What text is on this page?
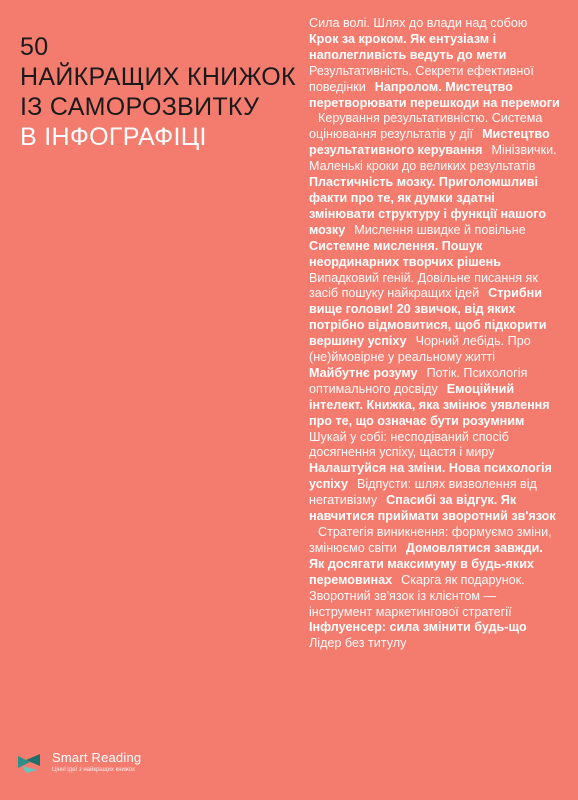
50
НАЙКРАЩИХ КНИЖОК
ІЗ САМОРОЗВИТКУ
В ІНФОГРАФІЦІ
Сила волі. Шлях до влади над собоюКрок за кроком. Як ентузіазм і наполегливість ведуть до метиРезультативність. Секрети ефективної поведінки Напролом. Мистецтво перетворювати перешкоди на перемогиКерування результативністю. Система оцінювання результатів у дії Мистецтво результативного керування Мінізвички. Маленькі кроки до великих результатівПластичність мозку. Приголомшливі факти про те, як думки здатні змінювати структуру і функції нашого мозку Мислення швидке й повільнеСистемне мислення. Пошук неординарних творчих рішеньВипадковий геній. Довільне писання як засіб пошуку найкращих ідей Стрибни вище голови! 20 звичок, від яких потрібно відмовитися, щоб підкорити вершину успіху Чорний лебідь. Про (не)ймовірне у реальному життіМайбутнє розуму Потік. Психологія оптимального досвіду Емоційний інтелект. Книжка, яка змінює уявлення про те, що означає бути розумнимШукай у собі: несподіваний спосіб досягнення успіху, щастя і мируНалаштуйся на зміни. Нова психологія успіху Відпусти: шлях визволення від негативізму Спасибі за відгук. Як навчитися приймати зворотний зв'язокСтратегія виникнення: формуємо зміни, змінюємо світи Домовлятися завжди. Як досягати максимуму в будь-яких перемовинах Скарга як подарунок. Зворотний зв'язок із клієнтом — інструмент маркетингової стратегіїІнфлуенсер: сила змінити будь-щоЛідер без титулу
Smart Reading
Цінні ідеї з найкращих книжок
